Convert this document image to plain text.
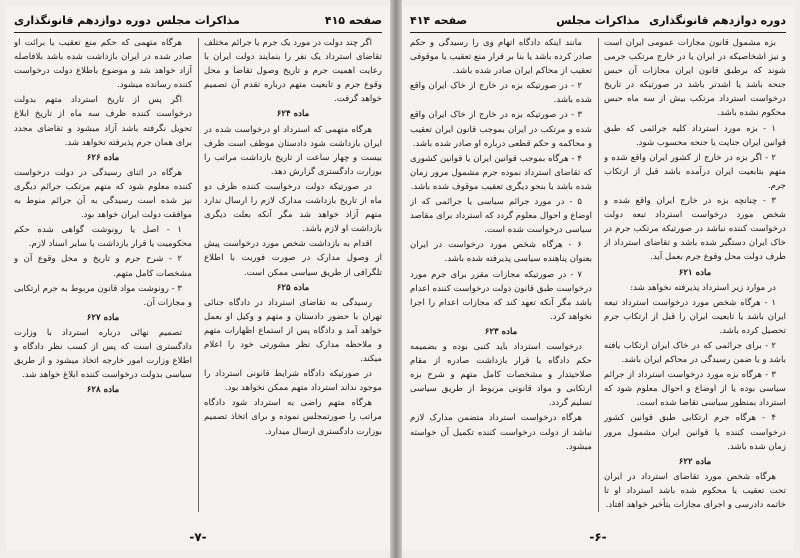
صفحه ۴۱۵
مذاکرات مجلس
دوره دوازدهم قانونگذاری

اگر چند دولت در مورد یک جرم یا جرائم مختلف تقاضای استرداد یک نفر را بنمایند دولت ایران با رعایت اهمیت جرم و تاریخ وصول تقاضا و محل وقوع جرم و تابعیت متهم درباره تقدم آن تصمیم خواهد گرفت.

ماده ۶۲۴

هرگاه متهمی که استرداد او درخواست شده در ایران بازداشت شود دادستان موظف است ظرف بیست و چهار ساعت از تاریخ بازداشت مراتب را بوزارت دادگستری گزارش دهد.

در صورتیکه دولت درخواست کننده ظرف دو ماه از تاریخ بازداشت مدارک لازم را ارسال ندارد متهم آزاد خواهد شد مگر آنکه بعلت دیگری بازداشت او لازم باشد.

اقدام به بازداشت شخص مورد درخواست پیش از وصول مدارک در صورت فوریت با اطلاع تلگرافی از طریق سیاسی ممکن است.

ماده ۶۲۵

رسیدگی به تقاضای استرداد در دادگاه جنائی تهران با حضور دادستان و متهم و وکیل او بعمل خواهد آمد و دادگاه پس از استماع اظهارات متهم و ملاحظه مدارک نظر مشورتی خود را اعلام میکند.

در صورتیکه دادگاه شرایط قانونی استرداد را موجود نداند استرداد متهم ممکن نخواهد بود.

هرگاه متهم راضی به استرداد شود دادگاه مراتب را صورتمجلس نموده و برای اتخاذ تصمیم بوزارت دادگستری ارسال میدارد.

هرگاه متهمی که حکم منع تعقیب یا برائت او صادر شده در ایران بازداشت شده باشد بلافاصله آزاد خواهد شد و موضوع باطلاع دولت درخواست کننده رسانده میشود.

اگر پس از تاریخ استرداد متهم بدولت درخواست کننده ظرف سه ماه از تاریخ ابلاغ تحویل نگرفته باشد آزاد میشود و تقاضای مجدد برای همان جرم پذیرفته نخواهد شد.

ماده ۶۲۶

هرگاه در اثنای رسیدگی در دولت درخواست کننده معلوم شود که متهم مرتکب جرائم دیگری نیز شده است رسیدگی به آن جرائم منوط به موافقت دولت ایران خواهد بود.

۱ - اصل یا رونوشت گواهی شده حکم محکومیت یا قرار بازداشت یا سایر اسناد لازم.

۲ - شرح جرم و تاریخ و محل وقوع آن و مشخصات کامل متهم.

۳ - رونوشت مواد قانون مربوط به جرم ارتکابی و مجازات آن.

ماده ۶۲۷

تصمیم نهائی درباره استرداد با وزارت دادگستری است که پس از کسب نظر دادگاه و اطلاع وزارت امور خارجه اتخاذ میشود و از طریق سیاسی بدولت درخواست کننده ابلاغ خواهد شد.

ماده ۶۲۸

-۷-
دوره دوازدهم قانونگذاری
مذاکرات مجلس
صفحه ۴۱۴

بزه مشمول قانون مجازات عمومی ایران است و نیز اشخاصیکه در ایران یا در خارج مرتکب جرمی شوند که برطبق قانون ایران مجازات آن حبس جنحه باشد یا اشدتر باشد در صورتیکه در تاریخ درخواست استرداد مرتکب بیش از سه ماه حبس محکوم نشده باشد.

۱ - بزه مورد استرداد کلیه جرائمی که طبق قوانین ایران جنایت یا جنحه محسوب شود.

۲ - اگر بزه در خارج از کشور ایران واقع شده و متهم بتابعیت ایران درآمده باشد قبل از ارتکاب جرم.

۳ - چنانچه بزه در خارج ایران واقع شده و شخص مورد درخواست استرداد تبعه دولت درخواست کننده نباشد در صورتیکه مرتکب جرم در خاک ایران دستگیر شده باشد و تقاضای استرداد از طرف دولت محل وقوع جرم بعمل آید.

ماده ۶۲۱

در موارد زیر استرداد پذیرفته نخواهد شد:

۱ - هرگاه شخص مورد درخواست استرداد تبعه ایران باشد یا تابعیت ایران را قبل از ارتکاب جرم تحصیل کرده باشد.

۲ - برای جرائمی که در خاک ایران ارتکاب یافته باشد و یا ضمن رسیدگی در محاکم ایران باشد.

۳ - هرگاه بزه مورد درخواست استرداد از جرائم سیاسی بوده یا از اوضاع و احوال معلوم شود که استرداد بمنظور سیاسی تقاضا شده است.

۴ - هرگاه جرم ارتکابی طبق قوانین کشور درخواست کننده یا قوانین ایران مشمول مرور زمان شده باشد.

ماده ۶۲۲

هرگاه شخص مورد تقاضای استرداد در ایران تحت تعقیب یا محکوم شده باشد استرداد او تا خاتمه دادرسی و اجرای مجازات بتأخیر خواهد افتاد.

مانند اینکه دادگاه اتهام وی را رسیدگی و حکم صادر کرده باشد یا بنا بر قرار منع تعقیب یا موقوفی تعقیب از محاکم ایران صادر شده باشد.

۲ - در صورتیکه بزه در خارج از خاک ایران واقع شده باشد.

۳ - در صورتیکه بزه در خارج از خاک ایران واقع شده و مرتکب در ایران بموجب قانون ایران تعقیب و محاکمه و حکم قطعی درباره او صادر شده باشد.

۴ - هرگاه بموجب قوانین ایران یا قوانین کشوری که تقاضای استرداد نموده جرم مشمول مرور زمان شده باشد یا بنحو دیگری تعقیب موقوف شده باشد.

۵ - در مورد جرائم سیاسی یا جرائمی که از اوضاع و احوال معلوم گردد که استرداد برای مقاصد سیاسی درخواست شده است.

۶ - هرگاه شخص مورد درخواست در ایران بعنوان پناهنده سیاسی پذیرفته شده باشد.

۷ - در صورتیکه مجازات مقرر برای جرم مورد درخواست طبق قانون دولت درخواست کننده اعدام باشد مگر آنکه تعهد کند که مجازات اعدام را اجرا نخواهد کرد.

ماده ۶۲۳

درخواست استرداد باید کتبی بوده و بضمیمه حکم دادگاه یا قرار بازداشت صادره از مقام صلاحیتدار و مشخصات کامل متهم و شرح بزه ارتکابی و مواد قانونی مربوط از طریق سیاسی تسلیم گردد.

هرگاه درخواست استرداد متضمن مدارک لازم نباشد از دولت درخواست کننده تکمیل آن خواسته میشود.

-۶-
